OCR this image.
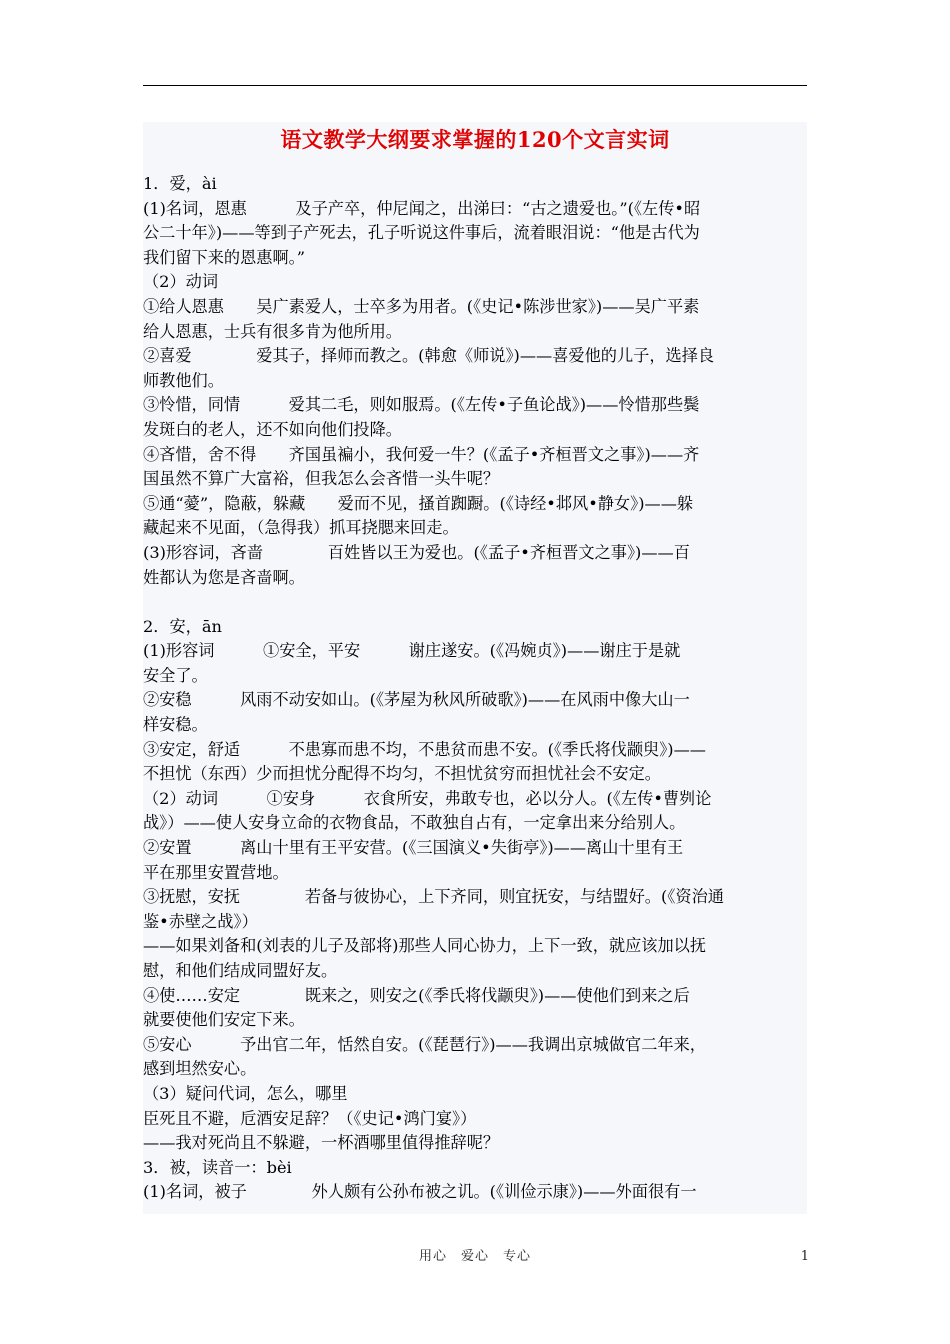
语文教学大纲要求掌握的120个文言实词

1．爱，ài

(1)名词，恩惠　　　及子产卒，仲尼闻之，出涕曰：“古之遗爱也。”(《左传•昭

公二十年》)——等到子产死去，孔子听说这件事后，流着眼泪说：“他是古代为

我们留下来的恩惠啊。”

（2）动词

①给人恩惠　　吴广素爱人，士卒多为用者。(《史记•陈涉世家》)——吴广平素

给人恩惠，士兵有很多肯为他所用。

②喜爱　　　　爱其子，择师而教之。(韩愈《师说》)——喜爱他的儿子，选择良

师教他们。

③怜惜，同情　　　爱其二毛，则如服焉。(《左传•子鱼论战》)——怜惜那些鬓

发斑白的老人，还不如向他们投降。

④吝惜，舍不得　　齐国虽褊小，我何爱一牛？(《孟子•齐桓晋文之事》)——齐

国虽然不算广大富裕，但我怎么会吝惜一头牛呢？

⑤通“薆”，隐蔽，躲藏　　爱而不见，搔首踟蹰。(《诗经•邶风•静女》)——躲

藏起来不见面，（急得我）抓耳挠腮来回走。

(3)形容词，吝啬　　　　百姓皆以王为爱也。(《孟子•齐桓晋文之事》)——百

姓都认为您是吝啬啊。

2．安，ān

(1)形容词　　　①安全，平安　　　谢庄遂安。(《冯婉贞》)——谢庄于是就

安全了。

②安稳　　　风雨不动安如山。(《茅屋为秋风所破歌》)——在风雨中像大山一

样安稳。

③安定，舒适　　　不患寡而患不均，不患贫而患不安。(《季氏将伐颛臾》)——

不担忧（东西）少而担忧分配得不均匀，不担忧贫穷而担忧社会不安定。

（2）动词　　　①安身　　　衣食所安，弗敢专也，必以分人。(《左传•曹刿论

战》）——使人安身立命的衣物食品，不敢独自占有，一定拿出来分给别人。

②安置　　　离山十里有王平安营。(《三国演义•失街亭》)——离山十里有王

平在那里安置营地。

③抚慰，安抚　　　　若备与彼协心，上下齐同，则宜抚安，与结盟好。(《资治通

鉴•赤壁之战》）

——如果刘备和(刘表的儿子及部将)那些人同心协力，上下一致，就应该加以抚

慰，和他们结成同盟好友。

④使……安定　　　　既来之，则安之(《季氏将伐颛臾》)——使他们到来之后

就要使他们安定下来。

⑤安心　　　予出官二年，恬然自安。(《琵琶行》)——我调出京城做官二年来，

感到坦然安心。

（3）疑问代词，怎么，哪里

臣死且不避，卮酒安足辞？（《史记•鸿门宴》）

——我对死尚且不躲避，一杯酒哪里值得推辞呢？

3．被，读音一：bèi

(1)名词，被子　　　　外人颇有公孙布被之讥。(《训俭示康》)——外面很有一

用心　爱心　专心	1
